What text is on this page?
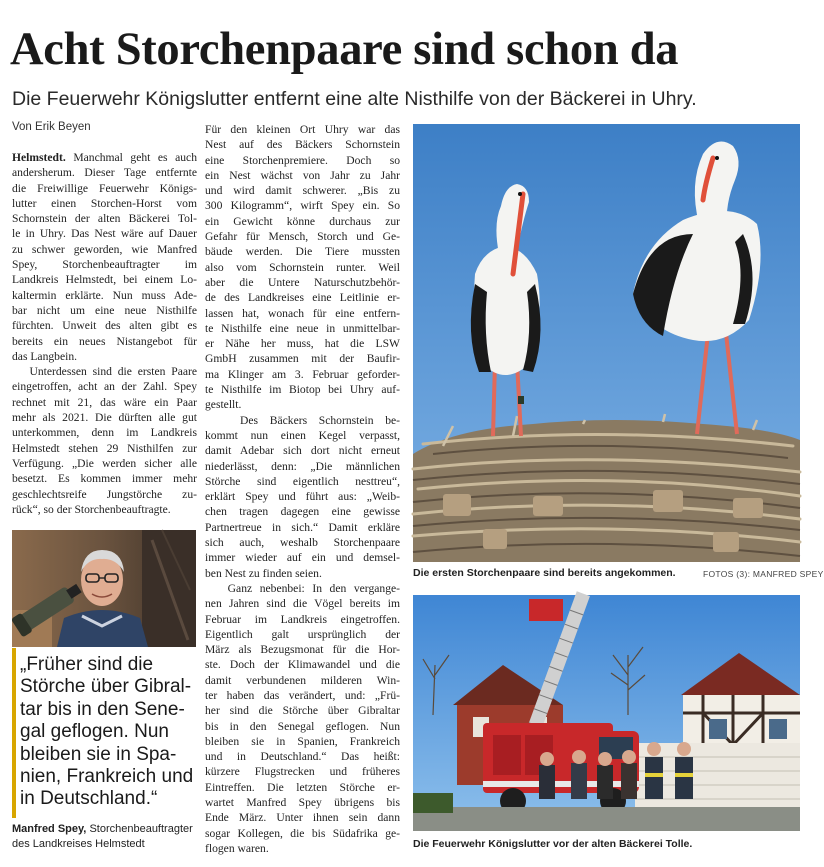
Acht Storchenpaare sind schon da
Die Feuerwehr Königslutter entfernt eine alte Nisthilfe von der Bäckerei in Uhry.
Von Erik Beyen
Helmstedt. Manchmal geht es auch
andersherum. Dieser Tage entfernte
die Freiwillige Feuerwehr Königs-
lutter einen Storchen-Horst vom
Schornstein der alten Bäckerei Tol-
le in Uhry. Das Nest wäre auf Dauer
zu schwer geworden, wie Manfred
Spey, Storchenbeauftragter im
Landkreis Helmstedt, bei einem Lo-
kaltermin erklärte. Nun muss Ade-
bar nicht um eine neue Nisthilfe
fürchten. Unweit des alten gibt es
bereits ein neues Nistangebot für
das Langbein.
Unterdessen sind die ersten Paare
eingetroffen, acht an der Zahl. Spey
rechnet mit 21, das wäre ein Paar
mehr als 2021. Die dürften alle gut
unterkommen, denn im Landkreis
Helmstedt stehen 29 Nisthilfen zur
Verfügung. „Die werden sicher alle
besetzt. Es kommen immer mehr
geschlechtsreife Jungstörche zu-
rück“, so der Storchenbeauftragte.
Für den kleinen Ort Uhry war das
Nest auf des Bäckers Schornstein
eine Storchenpremiere. Doch so
ein Nest wächst von Jahr zu Jahr
und wird damit schwerer. „Bis zu
300 Kilogramm“, wirft Spey ein. So
ein Gewicht könne durchaus zur
Gefahr für Mensch, Storch und Ge-
bäude werden. Die Tiere mussten
also vom Schornstein runter. Weil
aber die Untere Naturschutzbehör-
de des Landkreises eine Leitlinie er-
lassen hat, wonach für eine entfern-
te Nisthilfe eine neue in unmittelbar-
er Nähe her muss, hat die LSW
GmbH zusammen mit der Baufir-
ma Klinger am 3. Februar geforder-
te Nisthilfe im Biotop bei Uhry auf-
gestellt.
Des Bäckers Schornstein be-
kommt nun einen Kegel verpasst,
damit Adebar sich dort nicht erneut
niederlässt, denn: „Die männlichen
Störche sind eigentlich nesttreu“,
erklärt Spey und führt aus: „Weib-
chen tragen dagegen eine gewisse
Partnertreue in sich.“ Damit erkläre
sich auch, weshalb Storchenpaare
immer wieder auf ein und demsel-
ben Nest zu finden seien.
Ganz nebenbei: In den vergange-
nen Jahren sind die Vögel bereits im
Februar im Landkreis eingetroffen.
Eigentlich galt ursprünglich der
März als Bezugsmonat für die Hor-
ste. Doch der Klimawandel und die
damit verbundenen milderen Win-
ter haben das verändert, und: „Frü-
her sind die Störche über Gibraltar
bis in den Senegal geflogen. Nun
bleiben sie in Spanien, Frankreich
und in Deutschland.“ Das heißt:
kürzere Flugstrecken und früheres
Eintreffen. Die letzten Störche er-
wartet Manfred Spey übrigens bis
Ende März. Unter ihnen sein dann
sogar Kollegen, die bis Südafrika ge-
flogen waren.
„Früher sind die
Störche über Gibral-
tar bis in den Sene-
gal geflogen. Nun
bleiben sie in Spa-
nien, Frankreich und
in Deutschland.“
Manfred Spey, Storchenbeauftragter
des Landkreises Helmstedt
Die ersten Storchenpaare sind bereits angekommen.	FOTOS (3): MANFRED SPEY
Die Feuerwehr Königslutter vor der alten Bäckerei Tolle.
